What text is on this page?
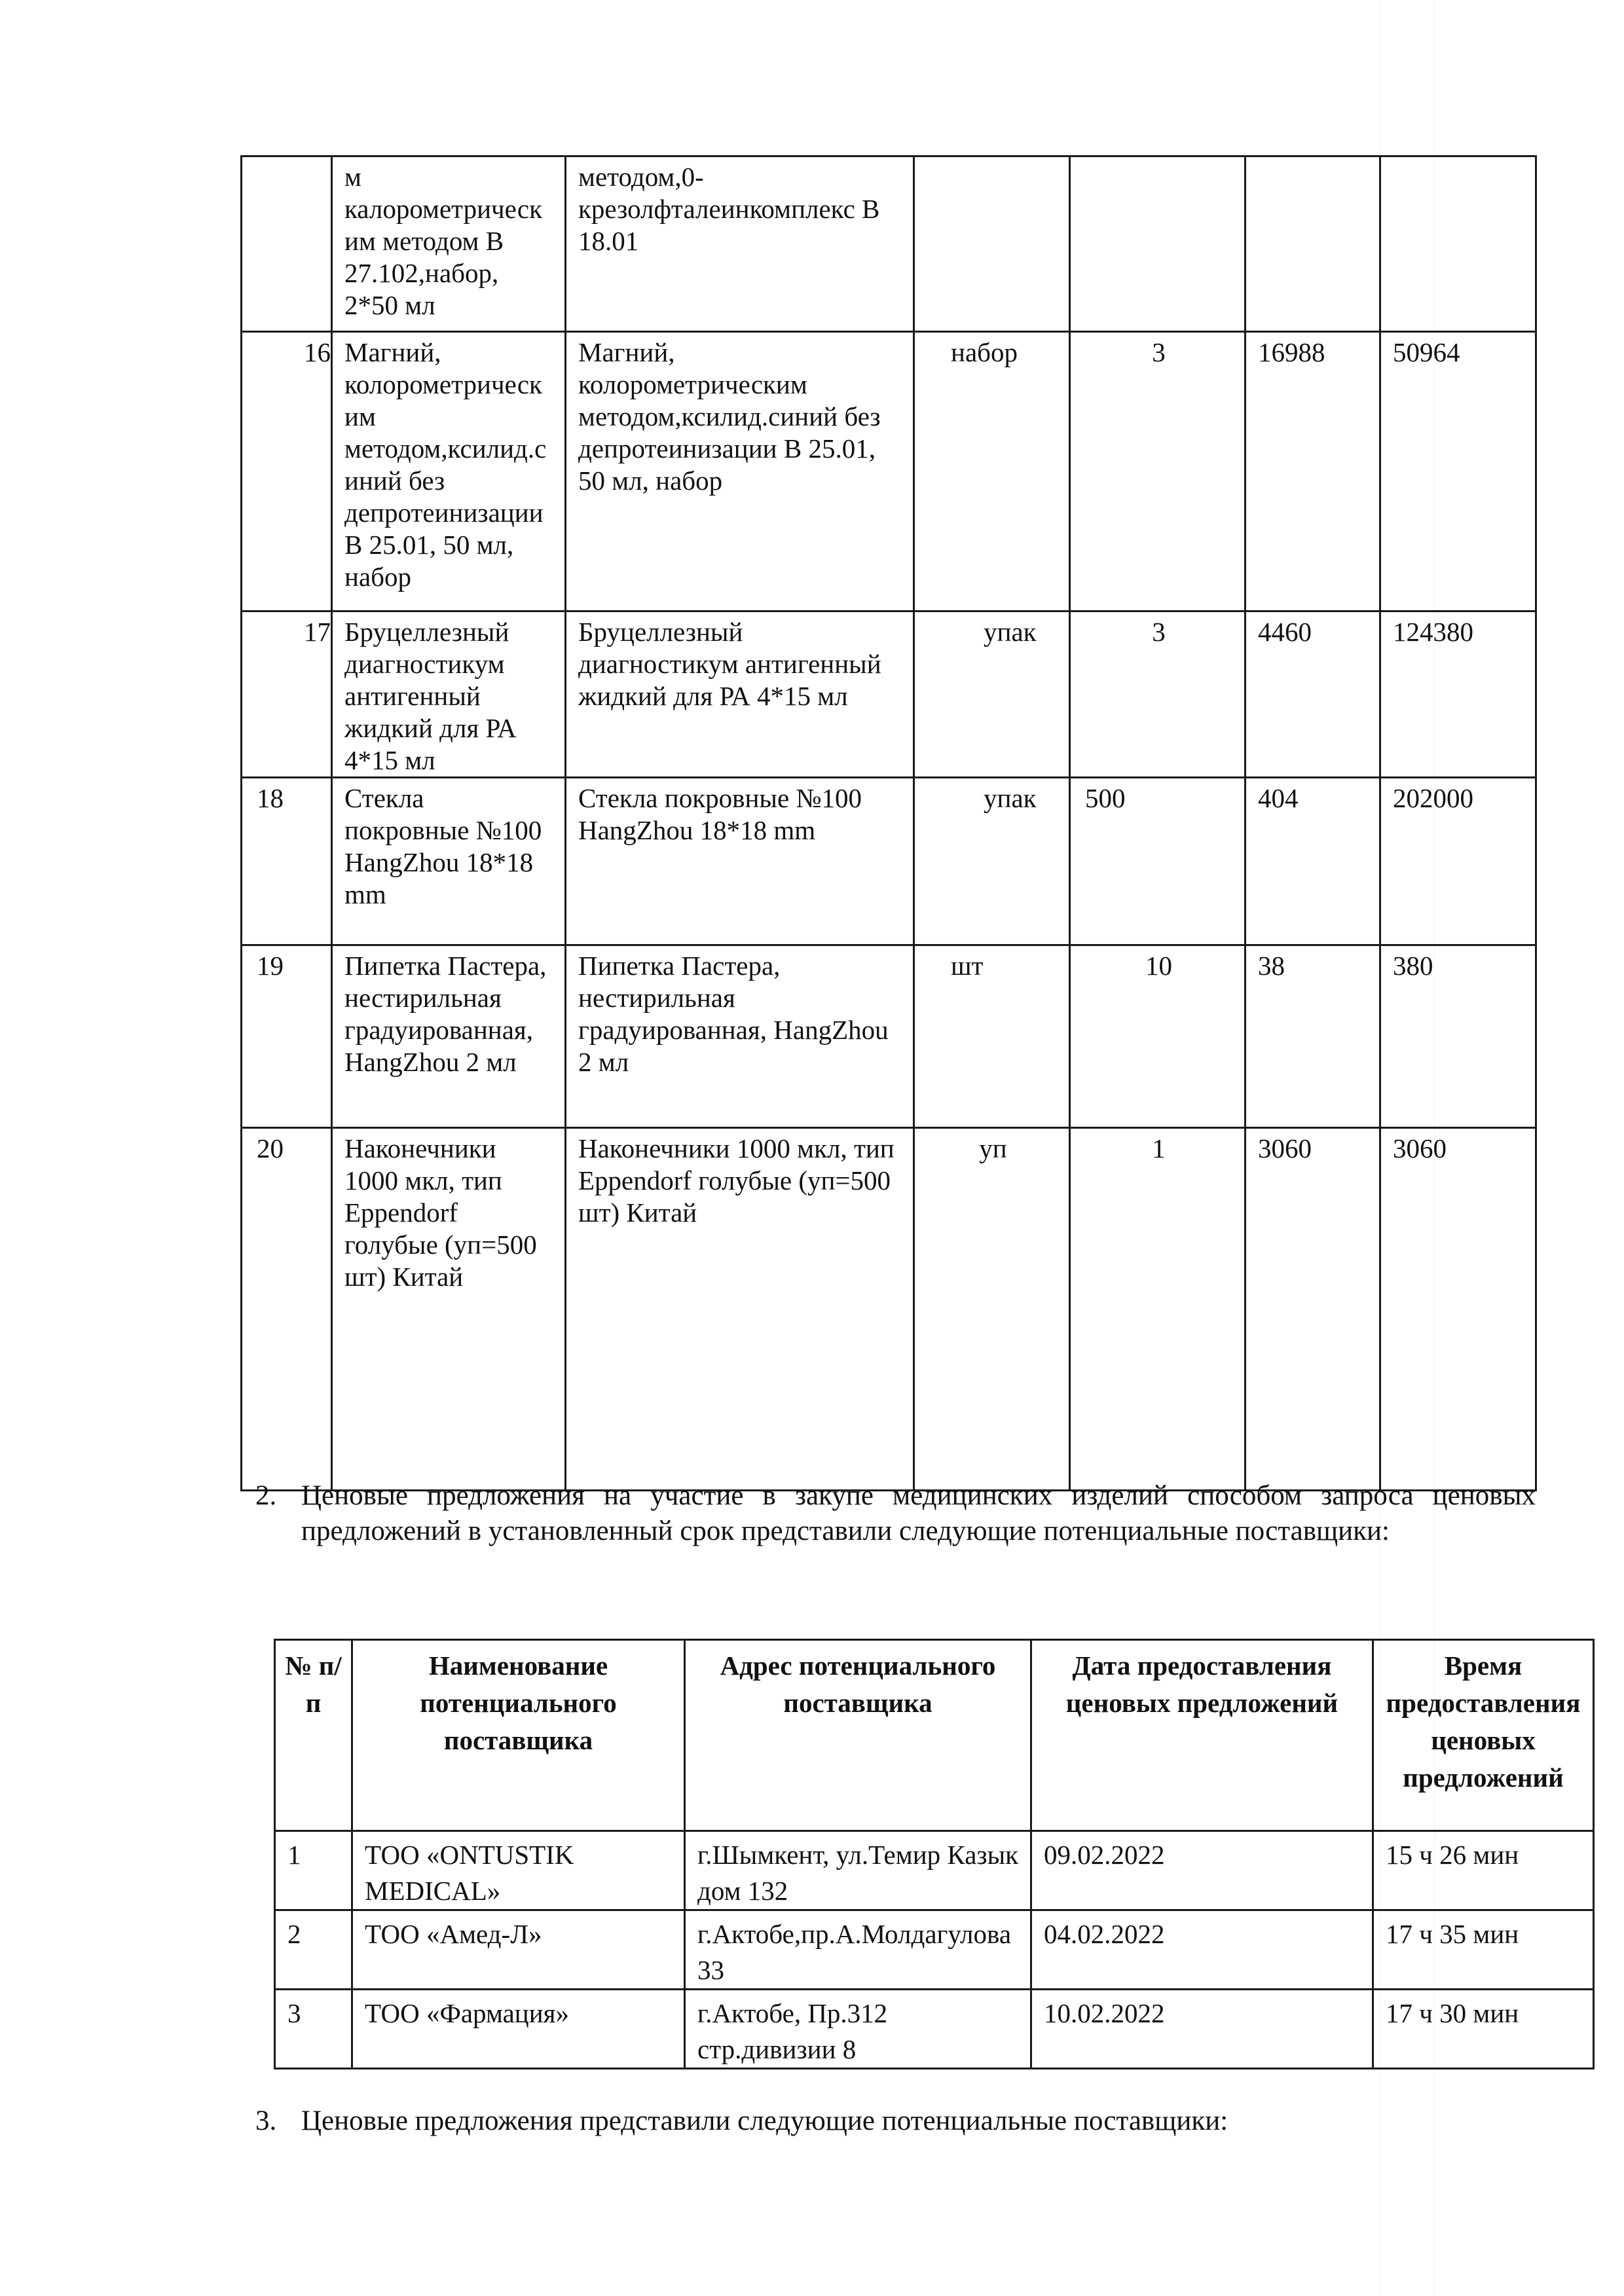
	м калорометрическим методом В 27.102,набор, 2*50 мл	методом,0-крезолфталеинкомплекс В 18.01				
16	Магний, колорометрическим методом,ксилид.синий без депротеинизации В 25.01, 50 мл, набор	Магний, колорометрическим методом,ксилид.синий без депротеинизации В 25.01, 50 мл, набор	набор	3	16988	50964
17	Бруцеллезный диагностикум антигенный жидкий для РА 4*15 мл	Бруцеллезный диагностикум антигенный жидкий для РА 4*15 мл	упак	3	4460	124380
18	Стекла покровные №100 HangZhou 18*18 mm	Стекла покровные №100 HangZhou 18*18 mm	упак	500	404	202000
19	Пипетка Пастера, нестирильная градуированная, HangZhou 2 мл	Пипетка Пастера, нестирильная градуированная, HangZhou 2 мл	шт	10	38	380
20	Наконечники 1000 мкл, тип Eppendorf голубые (уп=500 шт) Китай	Наконечники 1000 мкл, тип Eppendorf голубые (уп=500 шт) Китай	уп	1	3060	3060
2. Ценовые предложения на участие в закупе медицинских изделий способом запроса ценовых предложений в установленный срок представили следующие потенциальные поставщики:
№ п/п	Наименование потенциального поставщика	Адрес потенциального поставщика	Дата предоставления ценовых предложений	Время предоставления ценовых предложений
1	ТОО «ONTUSTIK MEDICAL»	г.Шымкент, ул.Темир Казык дом 132	09.02.2022	15 ч 26 мин
2	ТОО «Амед-Л»	г.Актобе,пр.А.Молдагулова 33	04.02.2022	17 ч 35 мин
3	ТОО «Фармация»	г.Актобе, Пр.312 стр.дивизии 8	10.02.2022	17 ч 30 мин
3. Ценовые предложения представили следующие потенциальные поставщики:
